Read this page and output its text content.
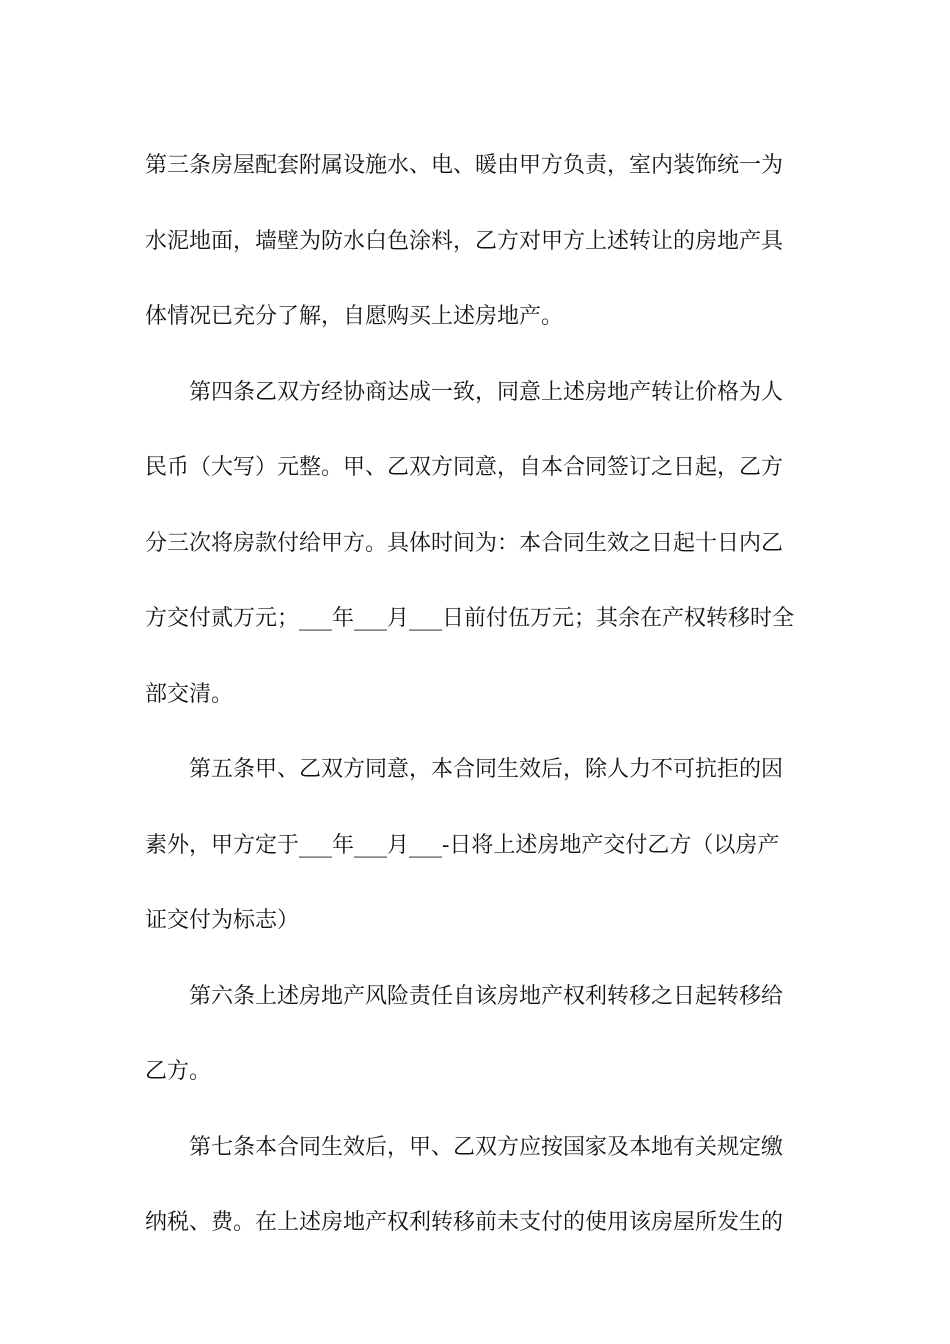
第三条房屋配套附属设施水、电、暖由甲方负责，室内装饰统一为
水泥地面，墙壁为防水白色涂料，乙方对甲方上述转让的房地产具
体情况已充分了解，自愿购买上述房地产。
第四条乙双方经协商达成一致，同意上述房地产转让价格为人
民币（大写）元整。甲、乙双方同意，自本合同签订之日起，乙方
分三次将房款付给甲方。具体时间为：本合同生效之日起十日内乙
方交付贰万元；___年___月___日前付伍万元；其余在产权转移时全
部交清。
第五条甲、乙双方同意，本合同生效后，除人力不可抗拒的因
素外，甲方定于___年___月___-日将上述房地产交付乙方（以房产
证交付为标志）
第六条上述房地产风险责任自该房地产权利转移之日起转移给
乙方。
第七条本合同生效后，甲、乙双方应按国家及本地有关规定缴
纳税、费。在上述房地产权利转移前未支付的使用该房屋所发生的
